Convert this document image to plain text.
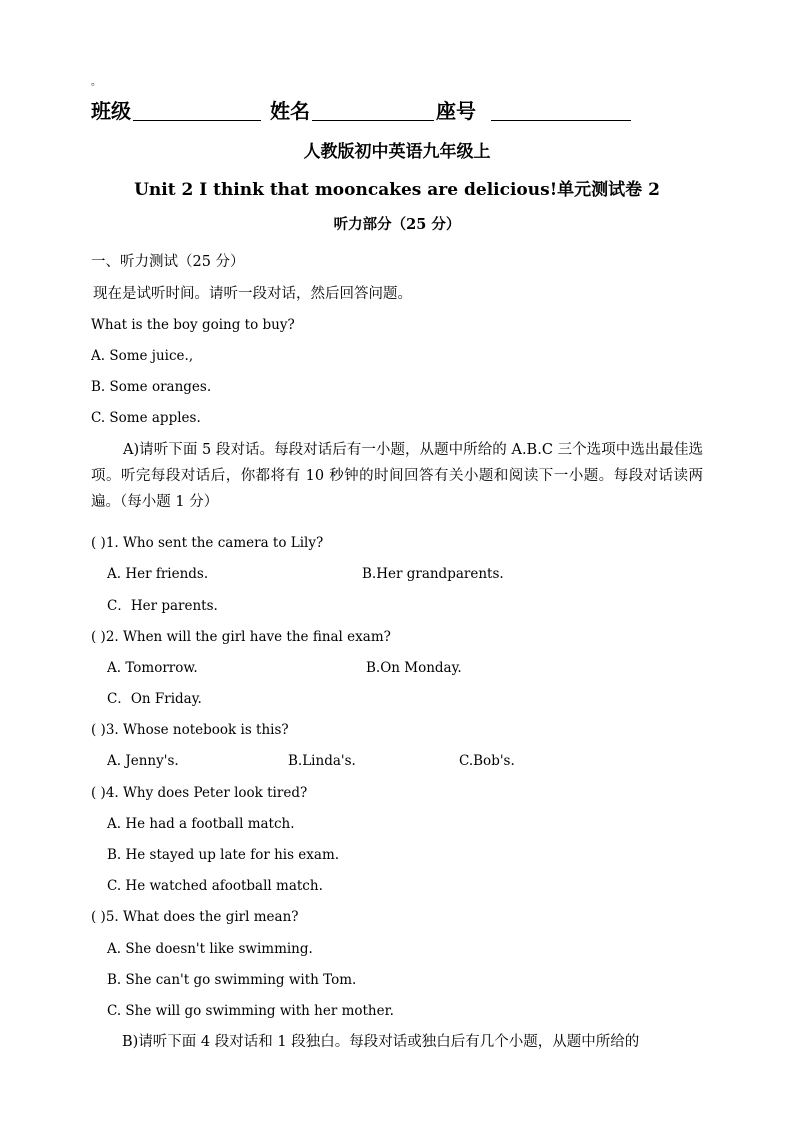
。
班级	姓名	座号
人教版初中英语九年级上
Unit 2 I think that mooncakes are delicious!单元测试卷 2
听力部分（25 分）
一、听力测试（25 分）
现在是试听时间。请听一段对话，然后回答问题。
What is the boy going to buy?
A. Some juice.,
B. Some oranges.
C. Some apples.
A)请听下面 5 段对话。每段对话后有一小题，从题中所给的 A.B.C 三个选项中选出最佳选项。听完每段对话后，你都将有 10 秒钟的时间回答有关小题和阅读下一小题。每段对话读两遍。（每小题 1 分）
( )1. Who sent the camera to Lily?
A. Her friends.	B.Her grandparents.
C．Her parents.
( )2. When will the girl have the final exam?
A. Tomorrow.	B.On Monday.
C．On Friday.
( )3. Whose notebook is this?
A. Jenny's.	B.Linda's.	C.Bob's.
( )4. Why does Peter look tired?
A. He had a football match.
B. He stayed up late for his exam.
C. He watched afootball match.
( )5. What does the girl mean?
A. She doesn't like swimming.
B. She can't go swimming with Tom.
C. She will go swimming with her mother.
B)请听下面 4 段对话和 1 段独白。每段对话或独白后有几个小题，从题中所给的
